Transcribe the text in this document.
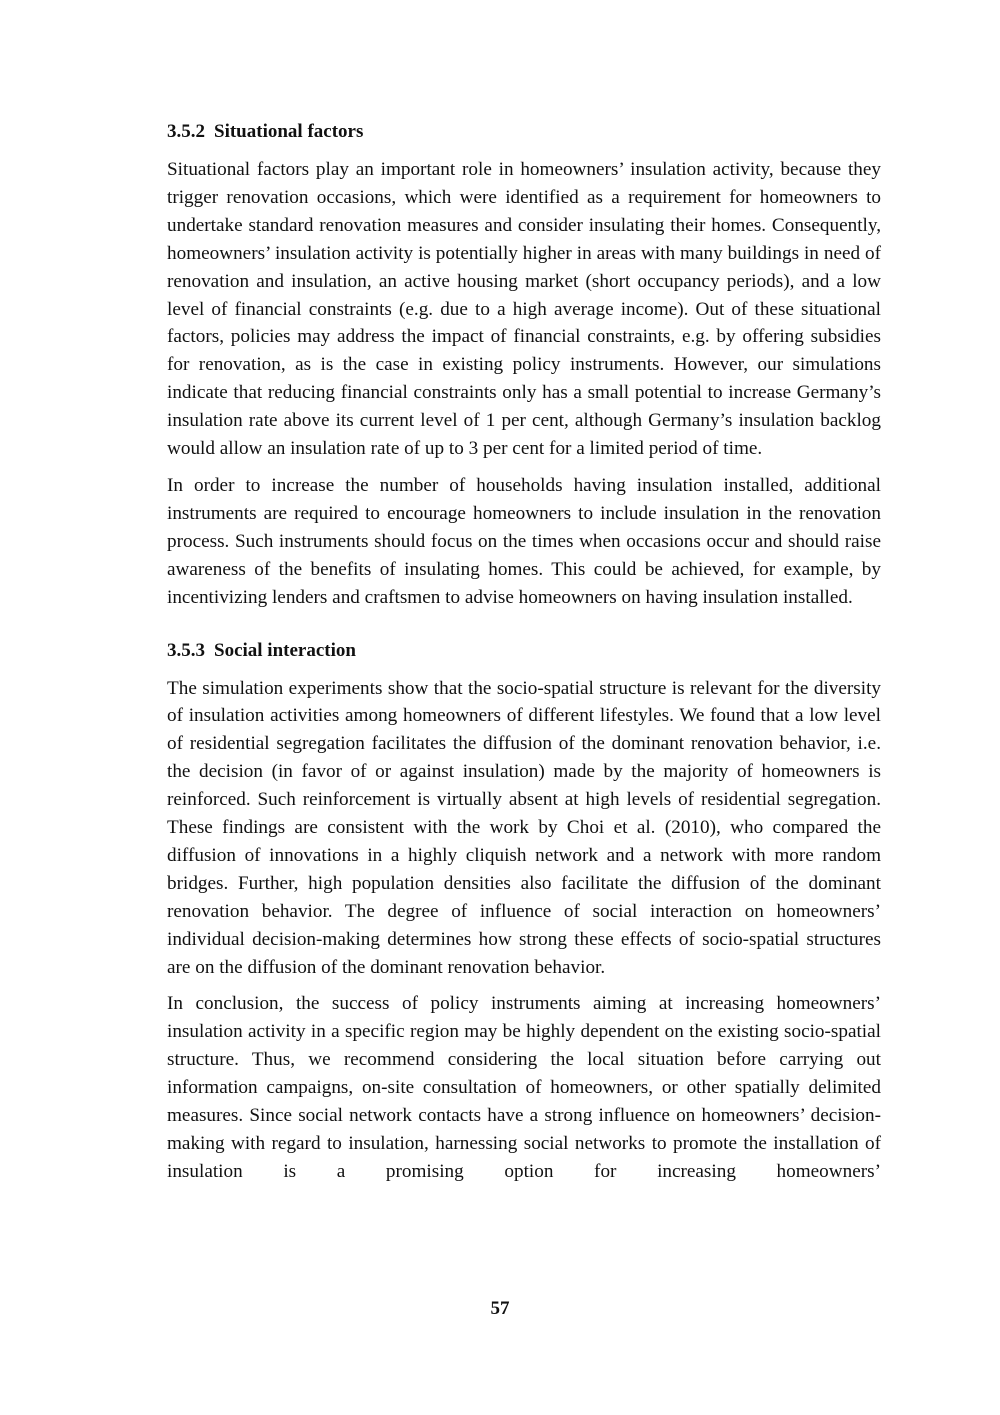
3.5.2 Situational factors

Situational factors play an important role in homeowners’ insulation activity, because they trigger renovation occasions, which were identified as a requirement for homeowners to undertake standard renovation measures and consider insulating their homes. Consequently, homeowners’ insulation activity is potentially higher in areas with many buildings in need of renovation and insulation, an active housing market (short occupancy periods), and a low level of financial constraints (e.g. due to a high average income). Out of these situational factors, policies may address the impact of financial constraints, e.g. by offering subsidies for renovation, as is the case in existing policy instruments. However, our simulations indicate that reducing financial constraints only has a small potential to increase Germany’s insulation rate above its current level of 1 per cent, although Germany’s insulation backlog would allow an insulation rate of up to 3 per cent for a limited period of time.

In order to increase the number of households having insulation installed, additional instruments are required to encourage homeowners to include insulation in the renovation process. Such instruments should focus on the times when occasions occur and should raise awareness of the benefits of insulating homes. This could be achieved, for example, by incentivizing lenders and craftsmen to advise homeowners on having insulation installed.

3.5.3 Social interaction

The simulation experiments show that the socio-spatial structure is relevant for the diversity of insulation activities among homeowners of different lifestyles. We found that a low level of residential segregation facilitates the diffusion of the dominant renovation behavior, i.e. the decision (in favor of or against insulation) made by the majority of homeowners is reinforced. Such reinforcement is virtually absent at high levels of residential segregation. These findings are consistent with the work by Choi et al. (2010), who compared the diffusion of innovations in a highly cliquish network and a network with more random bridges. Further, high population densities also facilitate the diffusion of the dominant renovation behavior. The degree of influence of social interaction on homeowners’ individual decision-making determines how strong these effects of socio-spatial structures are on the diffusion of the dominant renovation behavior.

In conclusion, the success of policy instruments aiming at increasing homeowners’ insulation activity in a specific region may be highly dependent on the existing socio-spatial structure. Thus, we recommend considering the local situation before carrying out information campaigns, on-site consultation of homeowners, or other spatially delimited measures. Since social network contacts have a strong influence on homeowners’ decision-making with regard to insulation, harnessing social networks to promote the installation of insulation is a promising option for increasing homeowners’

57
